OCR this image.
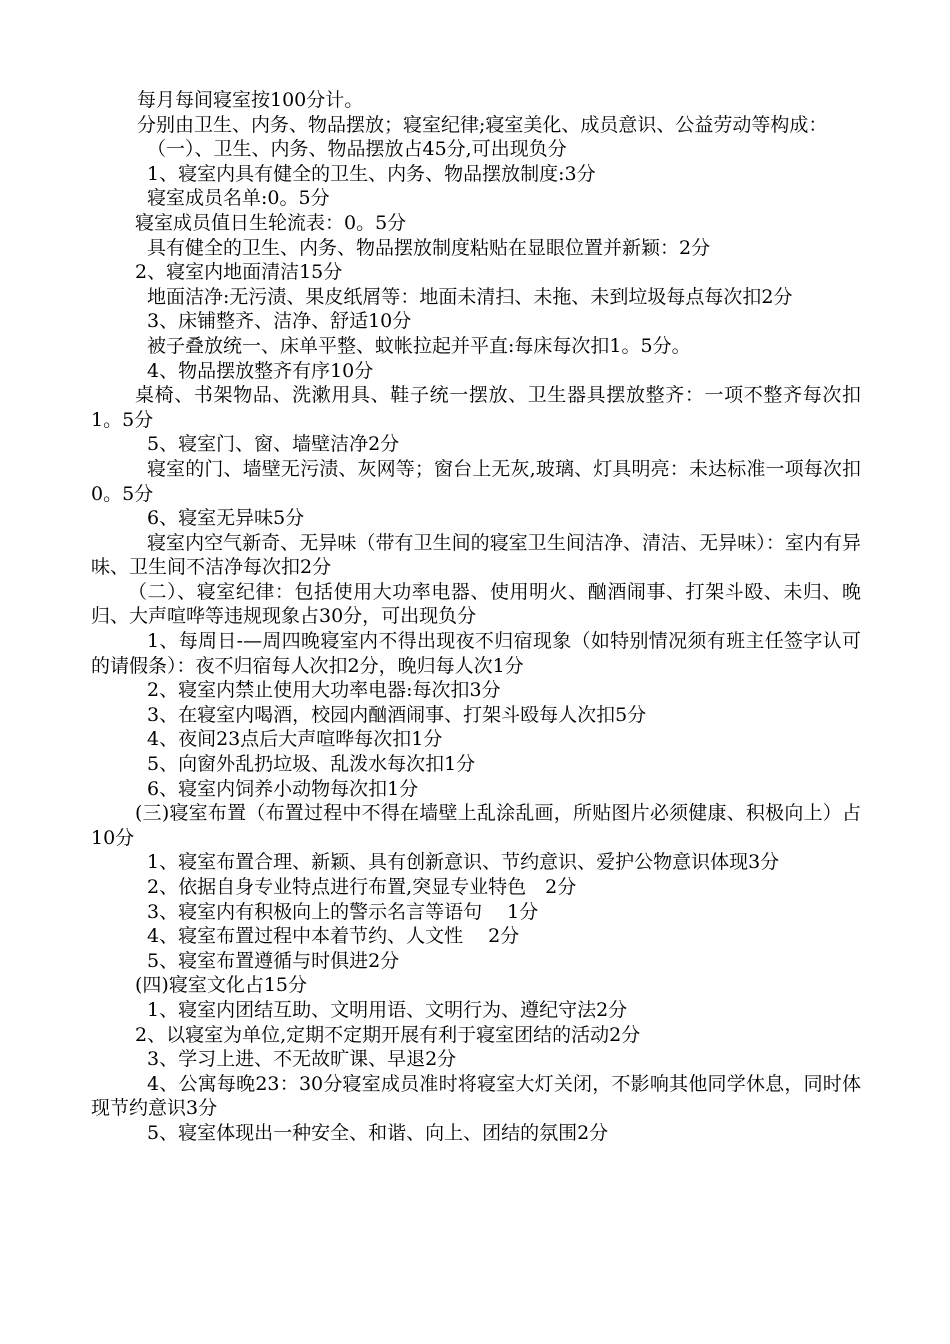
每月每间寝室按100分计。

分别由卫生、内务、物品摆放；寝室纪律;寝室美化、成员意识、公益劳动等构成：

（一）、卫生、内务、物品摆放占45分,可出现负分

1、寝室内具有健全的卫生、内务、物品摆放制度:3分

寝室成员名单:0。5分

寝室成员值日生轮流表：0。5分

具有健全的卫生、内务、物品摆放制度粘贴在显眼位置并新颖：2分

2、寝室内地面清洁15分

地面洁净:无污渍、果皮纸屑等：地面未清扫、未拖、未到垃圾每点每次扣2分

3、床铺整齐、洁净、舒适10分

被子叠放统一、床单平整、蚊帐拉起并平直:每床每次扣1。5分。

4、物品摆放整齐有序10分

桌椅、书架物品、洗漱用具、鞋子统一摆放、卫生器具摆放整齐：一项不整齐每次扣1。5分

5、寝室门、窗、墙壁洁净2分

寝室的门、墙壁无污渍、灰网等；窗台上无灰,玻璃、灯具明亮：未达标准一项每次扣0。5分

6、寝室无异味5分

寝室内空气新奇、无异味（带有卫生间的寝室卫生间洁净、清洁、无异味）：室内有异味、卫生间不洁净每次扣2分

（二）、寝室纪律：包括使用大功率电器、使用明火、酗酒闹事、打架斗殴、未归、晚归、大声喧哗等违规现象占30分，可出现负分

1、每周日-—周四晚寝室内不得出现夜不归宿现象（如特别情况须有班主任签字认可的请假条）：夜不归宿每人次扣2分，晚归每人次1分

2、寝室内禁止使用大功率电器:每次扣3分

3、在寝室内喝酒，校园内酗酒闹事、打架斗殴每人次扣5分

4、夜间23点后大声喧哗每次扣1分

5、向窗外乱扔垃圾、乱泼水每次扣1分

6、寝室内饲养小动物每次扣1分

(三)寝室布置（布置过程中不得在墙壁上乱涂乱画，所贴图片必须健康、积极向上）占10分

1、寝室布置合理、新颖、具有创新意识、节约意识、爱护公物意识体现3分

2、依据自身专业特点进行布置,突显专业特色　2分

3、寝室内有积极向上的警示名言等语句　 1分

4、寝室布置过程中本着节约、人文性　 2分

5、寝室布置遵循与时俱进2分

(四)寝室文化占15分

1、寝室内团结互助、文明用语、文明行为、遵纪守法2分

2、以寝室为单位,定期不定期开展有利于寝室团结的活动2分

3、学习上进、不无故旷课、早退2分

4、公寓每晚23：30分寝室成员准时将寝室大灯关闭，不影响其他同学休息，同时体现节约意识3分

5、寝室体现出一种安全、和谐、向上、团结的氛围2分
